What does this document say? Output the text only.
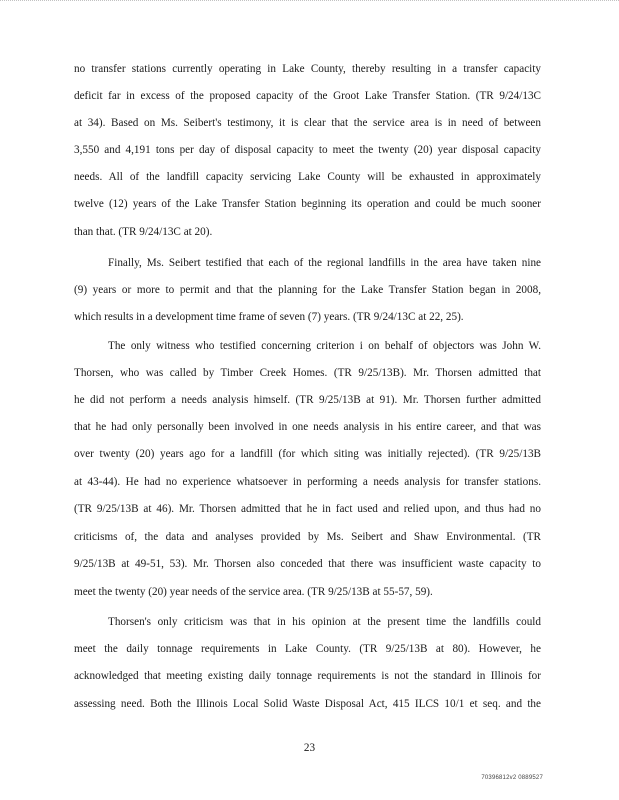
no transfer stations currently operating in Lake County, thereby resulting in a transfer capacity
deficit far in excess of the proposed capacity of the Groot Lake Transfer Station. (TR 9/24/13C
at 34). Based on Ms. Seibert's testimony, it is clear that the service area is in need of between
3,550 and 4,191 tons per day of disposal capacity to meet the twenty (20) year disposal capacity
needs. All of the landfill capacity servicing Lake County will be exhausted in approximately
twelve (12) years of the Lake Transfer Station beginning its operation and could be much sooner
than that. (TR 9/24/13C at 20).
Finally, Ms. Seibert testified that each of the regional landfills in the area have taken nine
(9) years or more to permit and that the planning for the Lake Transfer Station began in 2008,
which results in a development time frame of seven (7) years. (TR 9/24/13C at 22, 25).
The only witness who testified concerning criterion i on behalf of objectors was John W.
Thorsen, who was called by Timber Creek Homes. (TR 9/25/13B). Mr. Thorsen admitted that
he did not perform a needs analysis himself. (TR 9/25/13B at 91). Mr. Thorsen further admitted
that he had only personally been involved in one needs analysis in his entire career, and that was
over twenty (20) years ago for a landfill (for which siting was initially rejected). (TR 9/25/13B
at 43-44). He had no experience whatsoever in performing a needs analysis for transfer stations.
(TR 9/25/13B at 46). Mr. Thorsen admitted that he in fact used and relied upon, and thus had no
criticisms of, the data and analyses provided by Ms. Seibert and Shaw Environmental. (TR
9/25/13B at 49-51, 53). Mr. Thorsen also conceded that there was insufficient waste capacity to
meet the twenty (20) year needs of the service area. (TR 9/25/13B at 55-57, 59).
Thorsen's only criticism was that in his opinion at the present time the landfills could
meet the daily tonnage requirements in Lake County. (TR 9/25/13B at 80). However, he
acknowledged that meeting existing daily tonnage requirements is not the standard in Illinois for
assessing need. Both the Illinois Local Solid Waste Disposal Act, 415 ILCS 10/1 et seq. and the
23
70396812v2 0889527
